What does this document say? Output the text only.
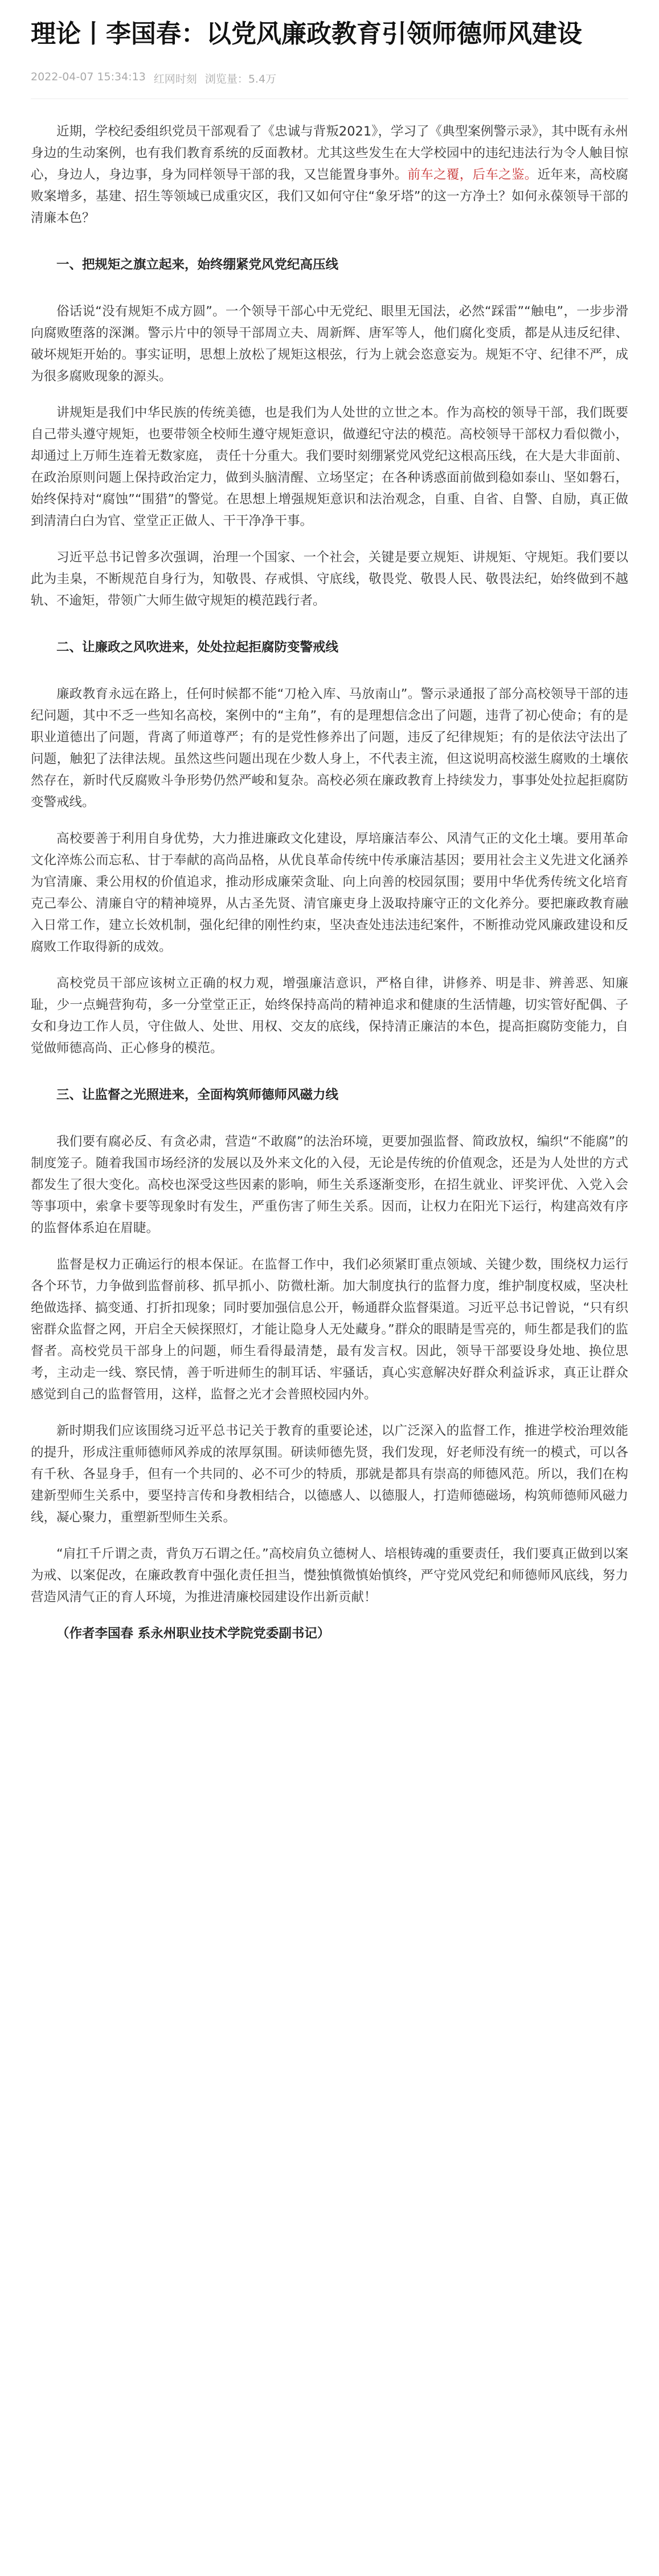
理论丨李国春：以党风廉政教育引领师德师风建设
2022-04-07 15:34:13 红网时刻 浏览量：5.4万

近期，学校纪委组织党员干部观看了《忠诚与背叛2021》，学习了《典型案例警示录》，其中既有永州身边的生动案例，也有我们教育系统的反面教材。尤其这些发生在大学校园中的违纪违法行为令人触目惊心，身边人，身边事，身为同样领导干部的我，又岂能置身事外。前车之覆，后车之鉴。近年来，高校腐败案增多，基建、招生等领域已成重灾区，我们又如何守住“象牙塔”的这一方净土？如何永葆领导干部的清廉本色？

一、把规矩之旗立起来，始终绷紧党风党纪高压线

俗话说“没有规矩不成方圆”。一个领导干部心中无党纪、眼里无国法，必然“踩雷”“触电”，一步步滑向腐败堕落的深渊。警示片中的领导干部周立夫、周新辉、唐军等人，他们腐化变质，都是从违反纪律、破坏规矩开始的。事实证明，思想上放松了规矩这根弦，行为上就会恣意妄为。规矩不守、纪律不严，成为很多腐败现象的源头。

讲规矩是我们中华民族的传统美德，也是我们为人处世的立世之本。作为高校的领导干部，我们既要自己带头遵守规矩，也要带领全校师生遵守规矩意识，做遵纪守法的模范。高校领导干部权力看似微小，却通过上万师生连着无数家庭， 责任十分重大。我们要时刻绷紧党风党纪这根高压线，在大是大非面前、在政治原则问题上保持政治定力，做到头脑清醒、立场坚定；在各种诱惑面前做到稳如泰山、坚如磐石，始终保持对“腐蚀”“围猎”的警觉。在思想上增强规矩意识和法治观念，自重、自省、自警、自励，真正做到清清白白为官、堂堂正正做人、干干净净干事。

习近平总书记曾多次强调，治理一个国家、一个社会，关键是要立规矩、讲规矩、守规矩。我们要以此为圭臬，不断规范自身行为，知敬畏、存戒惧、守底线，敬畏党、敬畏人民、敬畏法纪，始终做到不越轨、不逾矩，带领广大师生做守规矩的模范践行者。

二、让廉政之风吹进来，处处拉起拒腐防变警戒线

廉政教育永远在路上，任何时候都不能“刀枪入库、马放南山”。警示录通报了部分高校领导干部的违纪问题，其中不乏一些知名高校，案例中的“主角”，有的是理想信念出了问题，违背了初心使命；有的是职业道德出了问题，背离了师道尊严；有的是党性修养出了问题，违反了纪律规矩；有的是依法守法出了问题，触犯了法律法规。虽然这些问题出现在少数人身上，不代表主流，但这说明高校滋生腐败的土壤依然存在，新时代反腐败斗争形势仍然严峻和复杂。高校必须在廉政教育上持续发力，事事处处拉起拒腐防变警戒线。

高校要善于利用自身优势，大力推进廉政文化建设，厚培廉洁奉公、风清气正的文化土壤。要用革命文化淬炼公而忘私、甘于奉献的高尚品格，从优良革命传统中传承廉洁基因；要用社会主义先进文化涵养为官清廉、秉公用权的价值追求，推动形成廉荣贪耻、向上向善的校园氛围；要用中华优秀传统文化培育克己奉公、清廉自守的精神境界，从古圣先贤、清官廉吏身上汲取持廉守正的文化养分。要把廉政教育融入日常工作，建立长效机制，强化纪律的刚性约束，坚决查处违法违纪案件，不断推动党风廉政建设和反腐败工作取得新的成效。

高校党员干部应该树立正确的权力观，增强廉洁意识，严格自律，讲修养、明是非、辨善恶、知廉耻，少一点蝇营狗苟，多一分堂堂正正，始终保持高尚的精神追求和健康的生活情趣，切实管好配偶、子女和身边工作人员，守住做人、处世、用权、交友的底线，保持清正廉洁的本色，提高拒腐防变能力，自觉做师德高尚、正心修身的模范。

三、让监督之光照进来，全面构筑师德师风磁力线

我们要有腐必反、有贪必肃，营造“不敢腐”的法治环境，更要加强监督、简政放权，编织“不能腐”的制度笼子。随着我国市场经济的发展以及外来文化的入侵，无论是传统的价值观念，还是为人处世的方式都发生了很大变化。高校也深受这些因素的影响，师生关系逐渐变形，在招生就业、评奖评优、入党入会等事项中，索拿卡要等现象时有发生，严重伤害了师生关系。因而，让权力在阳光下运行，构建高效有序的监督体系迫在眉睫。

监督是权力正确运行的根本保证。在监督工作中，我们必须紧盯重点领域、关键少数，围绕权力运行各个环节，力争做到监督前移、抓早抓小、防微杜渐。加大制度执行的监督力度，维护制度权威，坚决杜绝做选择、搞变通、打折扣现象；同时要加强信息公开，畅通群众监督渠道。习近平总书记曾说，“只有织密群众监督之网，开启全天候探照灯，才能让隐身人无处藏身。”群众的眼睛是雪亮的，师生都是我们的监督者。高校党员干部身上的问题，师生看得最清楚，最有发言权。因此，领导干部要设身处地、换位思考，主动走一线、察民情，善于听进师生的制耳话、牢骚话，真心实意解决好群众利益诉求，真正让群众感觉到自己的监督管用，这样，监督之光才会普照校园内外。

新时期我们应该围绕习近平总书记关于教育的重要论述，以广泛深入的监督工作，推进学校治理效能的提升，形成注重师德师风养成的浓厚氛围。研读师德先贤，我们发现，好老师没有统一的模式，可以各有千秋、各显身手，但有一个共同的、必不可少的特质，那就是都具有崇高的师德风范。所以，我们在构建新型师生关系中，要坚持言传和身教相结合，以德感人、以德服人，打造师德磁场，构筑师德师风磁力线，凝心聚力，重塑新型师生关系。

“肩扛千斤谓之责，背负万石谓之任。”高校肩负立德树人、培根铸魂的重要责任，我们要真正做到以案为戒、以案促改，在廉政教育中强化责任担当，憷独慎微慎始慎终，严守党风党纪和师德师风底线，努力营造风清气正的育人环境，为推进清廉校园建设作出新贡献！

（作者李国春 系永州职业技术学院党委副书记）
